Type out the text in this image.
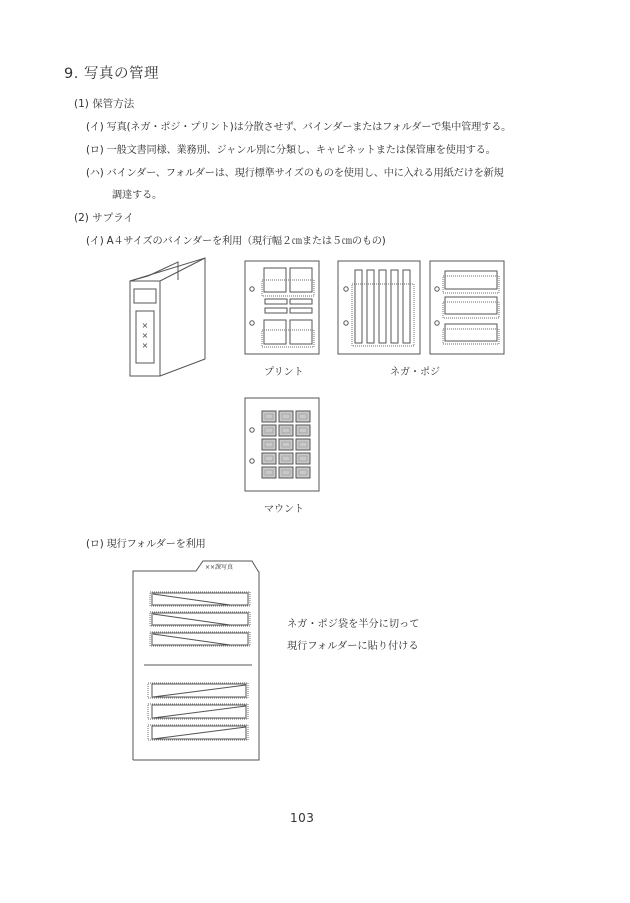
9. 写真の管理
(1) 保管方法
(イ) 写真(ネガ・ポジ・プリント)は分散させず、バインダーまたはフォルダーで集中管理する。
(ロ) 一般文書同様、業務別、ジャンル別に分類し、キャビネットまたは保管庫を使用する。
(ハ) バインダー、フォルダーは、現行標準サイズのものを使用し、中に入れる用紙だけを新規
調達する。
(2) サプライ
(イ) A４サイズのバインダーを利用（現行幅２㎝または５㎝のもの)
×
×
×
プリント	ネガ・ポジ
マウント
(ロ) 現行フォルダーを利用
××課写真
ネガ・ポジ袋を半分に切って
現行フォルダーに貼り付ける
103
